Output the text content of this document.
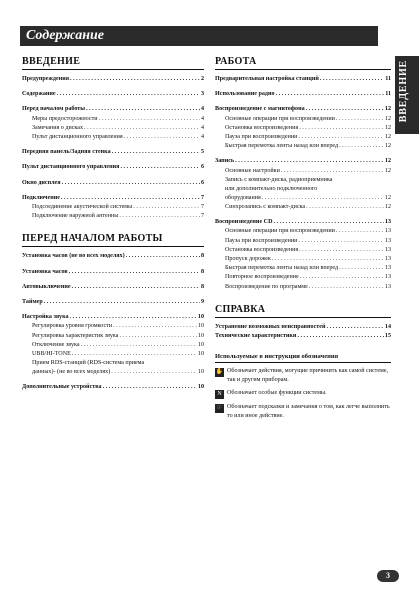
Содержание
ВВЕДЕНИЕ
Предупреждения . . .	2
Содержание . . .	3
Перед началом работы . . .	4
Меры предосторожности . . .	4
Замечания о дисках . . .	4
Пульт дистанционного управления . . .	4
Передняя панель/Задняя стенка . . .	5
Пульт дистанционного управления . . .	6
Окно дисплея . . .	6
Подключение . . .	7
Подсоединение акустической системы . . .	7
Подключение наружной антенны . . .	7
ПЕРЕД НАЧАЛОМ РАБОТЫ
Установка часов (не во всех моделях) . . .	8
Установка часов . . .	8
Автовыключение . . .	8
Таймер . . .	9
Настройка звука . . .	10
Регулировка уровня громкости . . .	10
Регулировка характеристик звука . . .	10
Отключение звука . . .	10
UBB/HI-TONE . . .	10
Прием RDS-станций (RDS-система приема
данных)- (не во всех моделях) . . .	10
Дополнительные устройства . . .	10
РАБОТА
Предварительная настройка станций . . .	11
Использование радио . . .	11
Воспроизведение с магнитофона . . .	12
Основные операции при воспроизведении . . .	12
Остановка воспроизведения . . .	12
Пауза при воспроизведении . . .	12
Быстрая перемотка ленты назад или вперед . . .	12
Запись . . .	12
Основные настройки . . .	12
Запись с компакт-диска, радиоприемника
или дополнительно подключенного
оборудования . . .	12
Синхрозапись с компакт-диска . . .	12
Воспроизведение CD . . .	13
Основные операции при воспроизведении . . .	13
Пауза при воспроизведении . . .	13
Остановка воспроизведения . . .	13
Пропуск дорожек . . .	13
Быстрая перемотка ленты назад или вперед . . .	13
Повторное воспроизведение . . .	13
Воспроизведение по программе . . .	13
СПРАВКА
Устранение возможных неисправностей . . .	14
Технические характеристики . . .	15
Используемые в инструкции обозначения
✋ Обозначает действия, могущие причинить как самой системе, так и другим приборам.
N Обозначает особые функции системы.
☞ Обозначает подсказки и замечания о том, как легче выполнить то или иное действие.
ВВЕДЕНИЕ
3
